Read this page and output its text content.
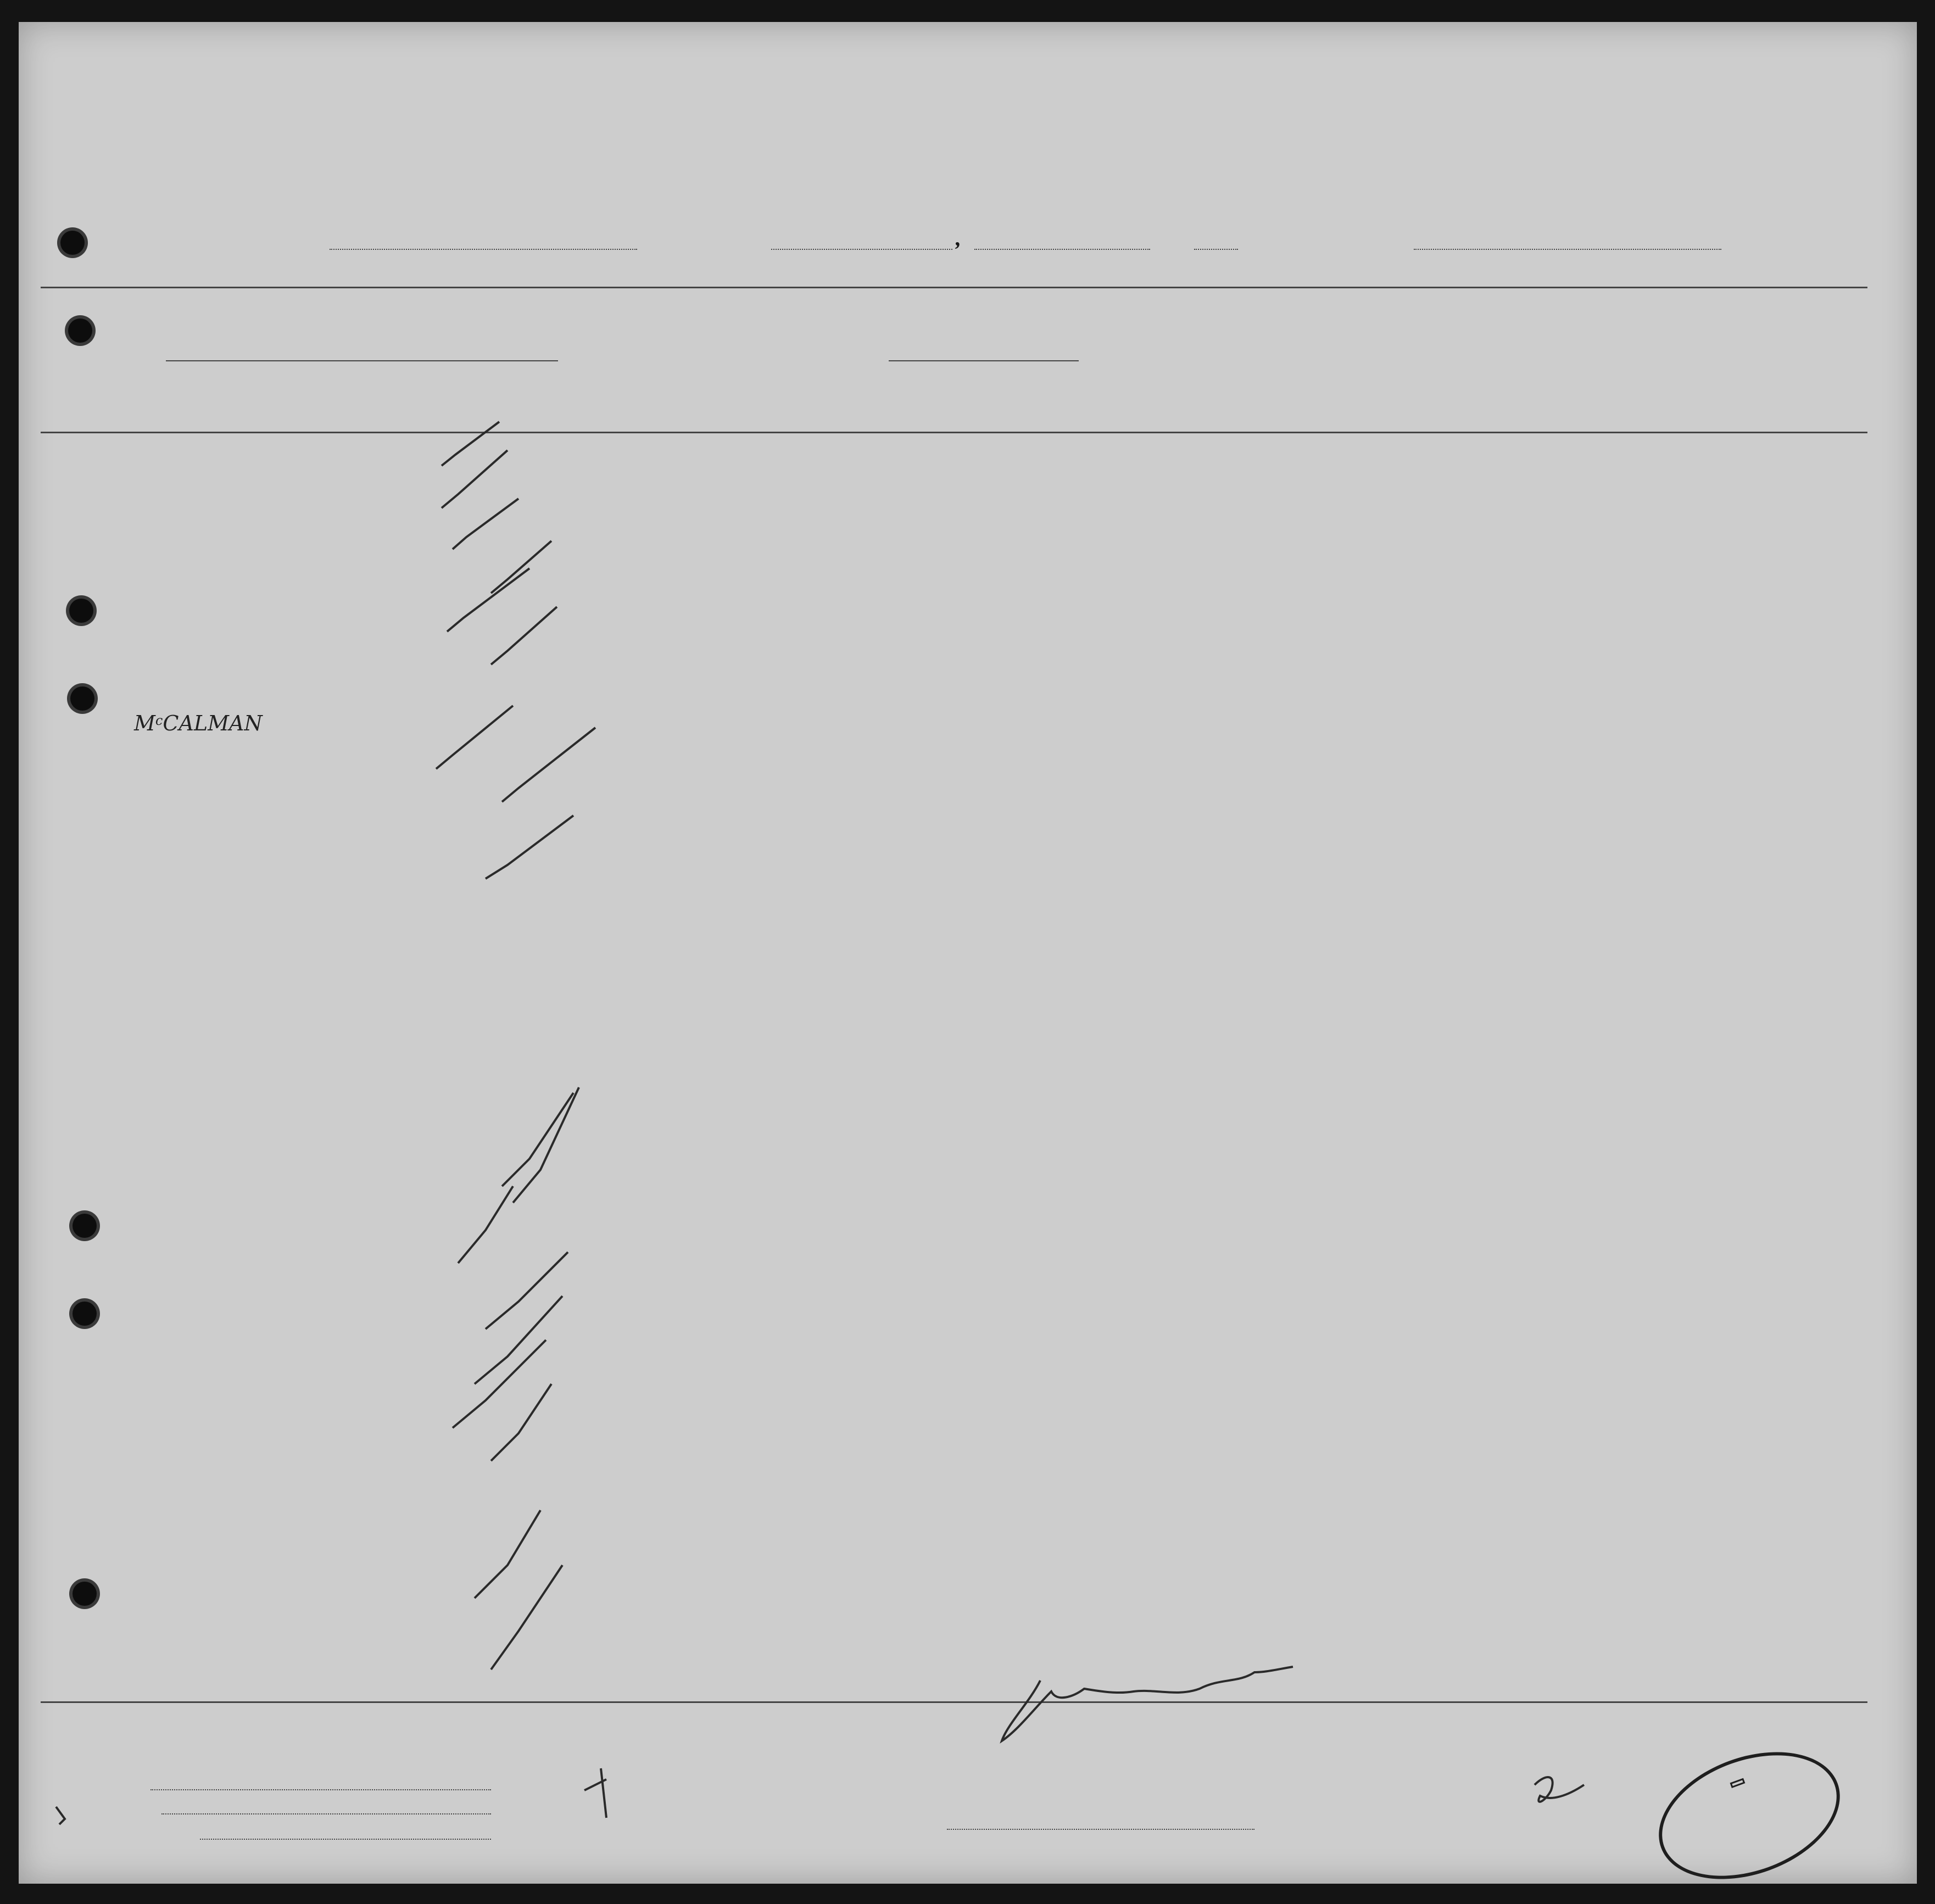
,
$M^cCALMAN$
